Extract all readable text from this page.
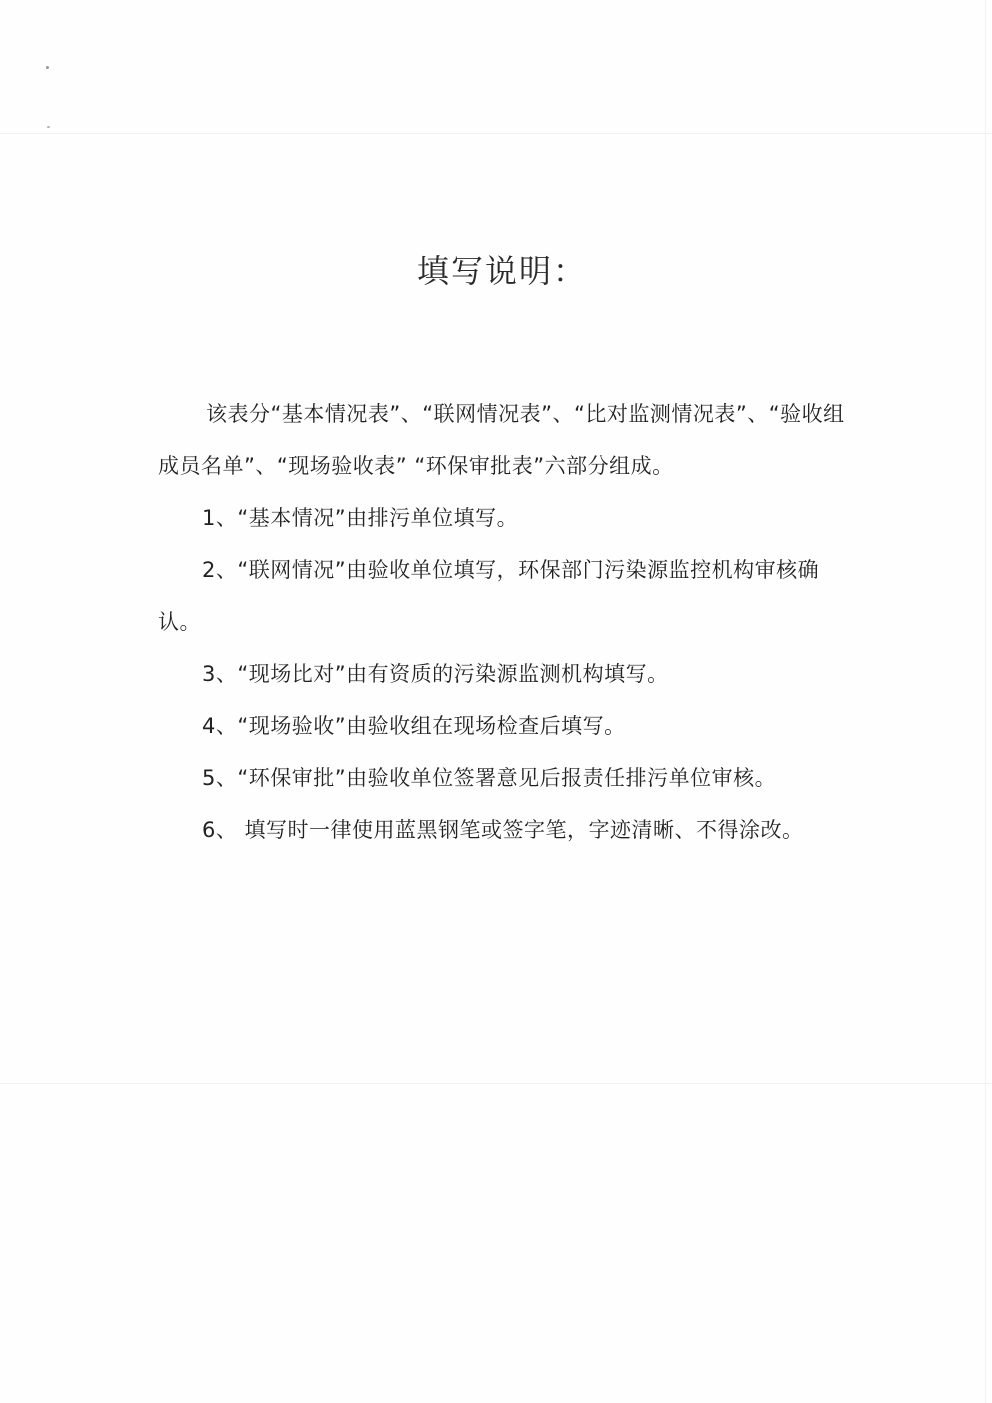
填写说明：

该表分“基本情况表”、“联网情况表”、“比对监测情况表”、“验收组成员名单”、“现场验收表” “环保审批表”六部分组成。

1、“基本情况”由排污单位填写。

2、“联网情况”由验收单位填写，环保部门污染源监控机构审核确认。

3、“现场比对”由有资质的污染源监测机构填写。

4、“现场验收”由验收组在现场检查后填写。

5、“环保审批”由验收单位签署意见后报责任排污单位审核。

6、 填写时一律使用蓝黑钢笔或签字笔，字迹清晰、不得涂改。
